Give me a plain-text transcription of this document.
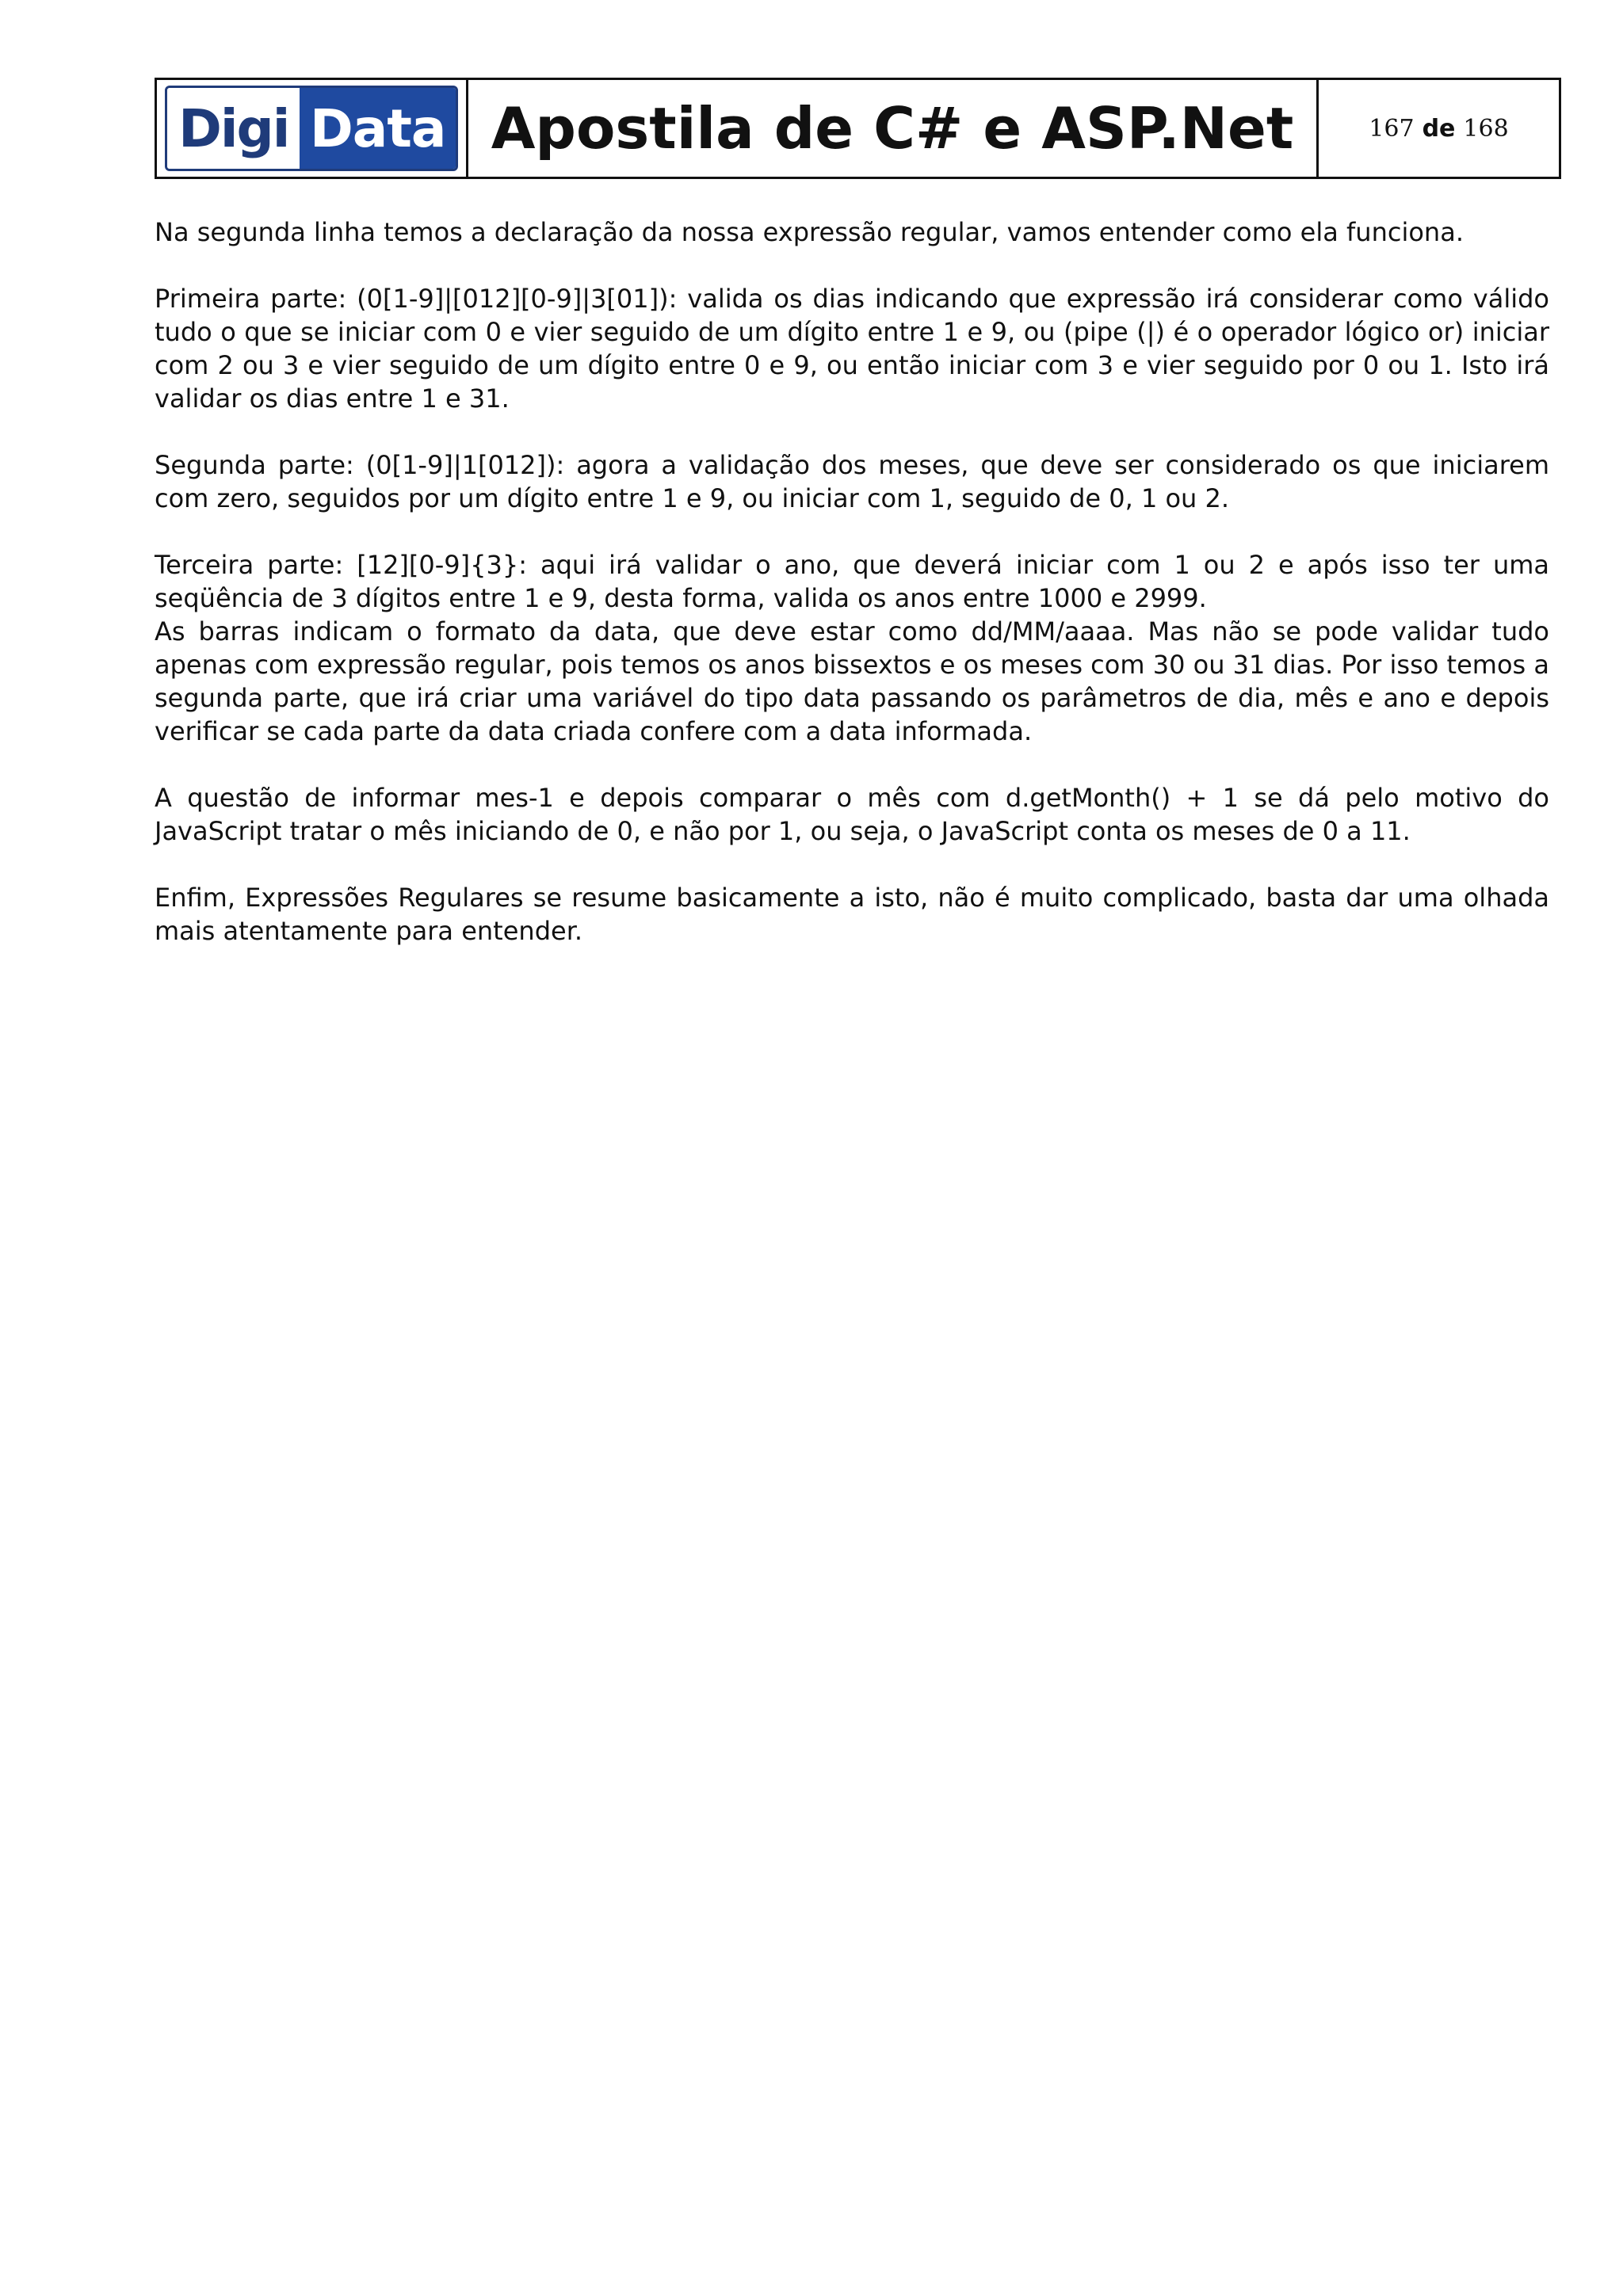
Digi Data Apostila de C# e ASP.Net	167 de 168

Na segunda linha temos a declaração da nossa expressão regular, vamos entender como ela funciona.

Primeira parte: (0[1-9]|[012][0-9]|3[01]): valida os dias indicando que expressão irá considerar como válido tudo o que se iniciar com 0 e vier seguido de um dígito entre 1 e 9, ou (pipe (|) é o operador lógico or) iniciar com 2 ou 3 e vier seguido de um dígito entre 0 e 9, ou então iniciar com 3 e vier seguido por 0 ou 1. Isto irá validar os dias entre 1 e 31.

Segunda parte: (0[1-9]|1[012]): agora a validação dos meses, que deve ser considerado os que iniciarem com zero, seguidos por um dígito entre 1 e 9, ou iniciar com 1, seguido de 0, 1 ou 2.

Terceira parte: [12][0-9]{3}: aqui irá validar o ano, que deverá iniciar com 1 ou 2 e após isso ter uma seqüência de 3 dígitos entre 1 e 9, desta forma, valida os anos entre 1000 e 2999.

As barras indicam o formato da data, que deve estar como dd/MM/aaaa. Mas não se pode validar tudo apenas com expressão regular, pois temos os anos bissextos e os meses com 30 ou 31 dias. Por isso temos a segunda parte, que irá criar uma variável do tipo data passando os parâmetros de dia, mês e ano e depois verificar se cada parte da data criada confere com a data informada.

A questão de informar mes-1 e depois comparar o mês com d.getMonth() + 1 se dá pelo motivo do JavaScript tratar o mês iniciando de 0, e não por 1, ou seja, o JavaScript conta os meses de 0 a 11.

Enfim, Expressões Regulares se resume basicamente a isto, não é muito complicado, basta dar uma olhada mais atentamente para entender.
